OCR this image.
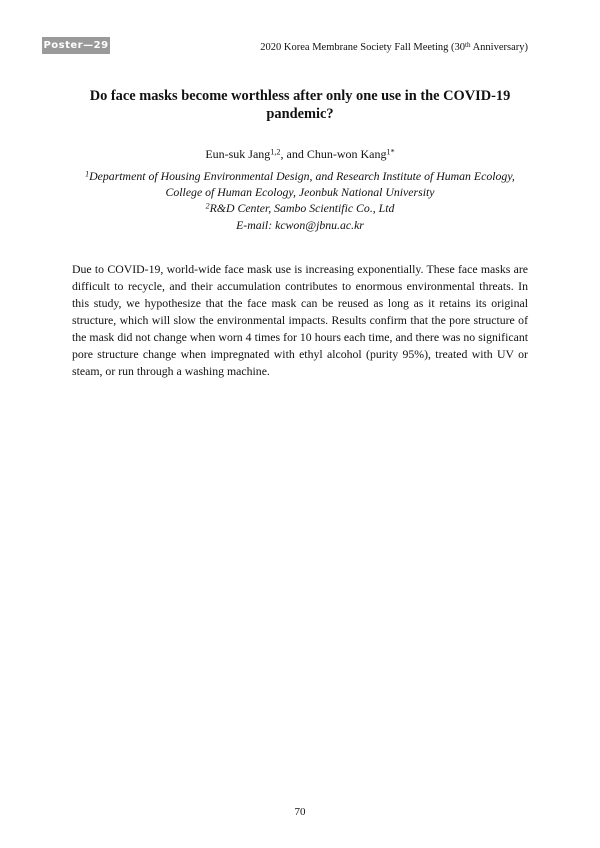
Poster—29	2020 Korea Membrane Society Fall Meeting (30th Anniversary)
Do face masks become worthless after only one use in the COVID-19 pandemic?
Eun-suk Jang$^{1,2}$, and Chun-won Kang$^{1*}$
$^1$Department of Housing Environmental Design, and Research Institute of Human Ecology,
College of Human Ecology, Jeonbuk National University
$^2$R&D Center, Sambo Scientific Co., Ltd
E-mail: kcwon@jbnu.ac.kr

Due to COVID-19, world-wide face mask use is increasing exponentially. These face masks are difficult to recycle, and their accumulation contributes to enormous environmental threats. In this study, we hypothesize that the face mask can be reused as long as it retains its original structure, which will slow the environmental impacts. Results confirm that the pore structure of the mask did not change when worn 4 times for 10 hours each time, and there was no significant pore structure change when impregnated with ethyl alcohol (purity 95%), treated with UV or steam, or run through a washing machine.

70
